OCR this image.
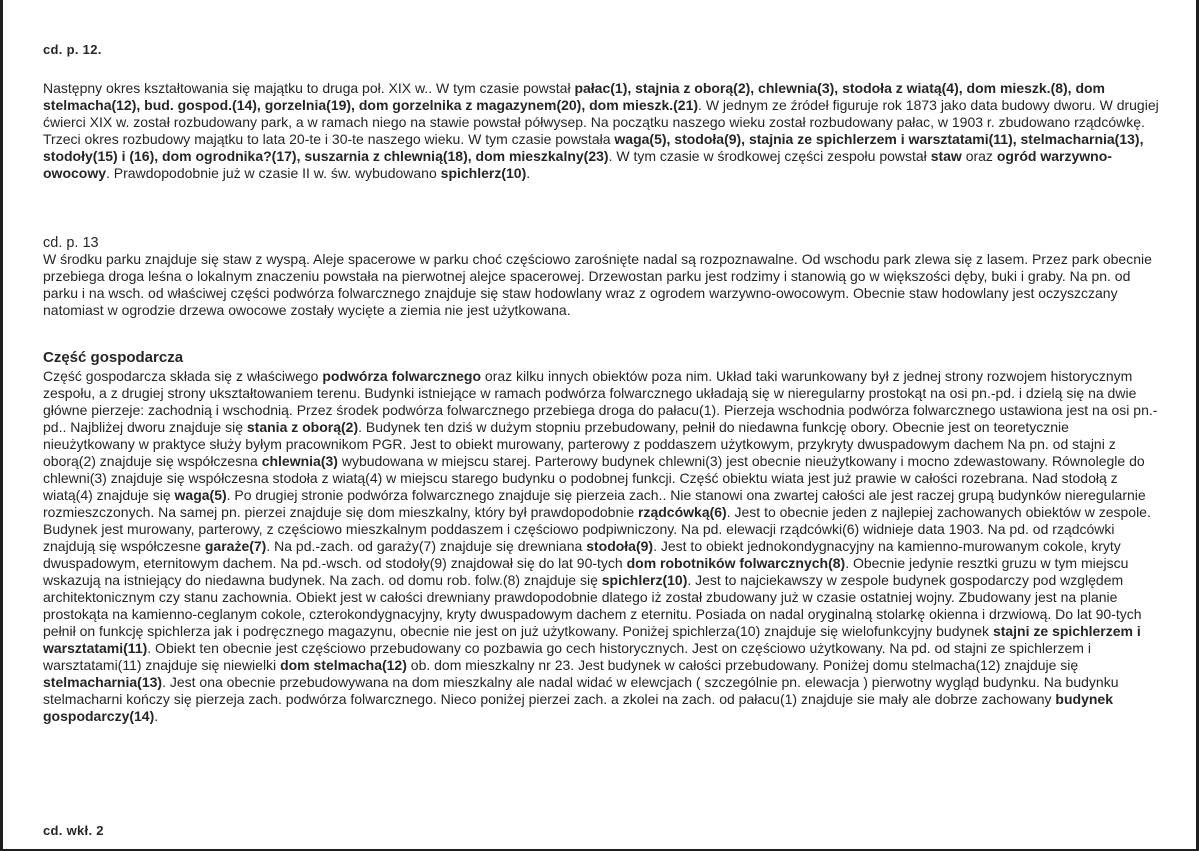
cd. p. 12.

Następny okres kształtowania się majątku to druga poł. XIX w.. W tym czasie powstał pałac(1), stajnia z oborą(2), chlewnia(3), stodoła z wiatą(4), dom mieszk.(8), dom stelmacha(12), bud. gospod.(14), gorzelnia(19), dom gorzelnika z magazynem(20), dom mieszk.(21). W jednym ze źródeł figuruje rok 1873 jako data budowy dworu. W drugiej ćwierci XIX w. został rozbudowany park, a w ramach niego na stawie powstał półwysep. Na początku naszego wieku został rozbudowany pałac, w 1903 r. zbudowano rządcówkę. Trzeci okres rozbudowy majątku to lata 20-te i 30-te naszego wieku. W tym czasie powstała waga(5), stodoła(9), stajnia ze spichlerzem i warsztatami(11), stelmacharnia(13), stodoły(15) i (16), dom ogrodnika?(17), suszarnia z chlewnią(18), dom mieszkalny(23). W tym czasie w środkowej części zespołu powstał staw oraz ogród warzywno-owocowy. Prawdopodobnie już w czasie II w. św. wybudowano spichlerz(10).

cd. p. 13

W środku parku znajduje się staw z wyspą. Aleje spacerowe w parku choć częściowo zarośnięte nadal są rozpoznawalne. Od wschodu park zlewa się z lasem. Przez park obecnie przebiega droga leśna o lokalnym znaczeniu powstała na pierwotnej alejce spacerowej. Drzewostan parku jest rodzimy i stanowią go w większości dęby, buki i graby. Na pn. od parku i na wsch. od właściwej części podwórza folwarcznego znajduje się staw hodowlany wraz z ogrodem warzywno-owocowym. Obecnie staw hodowlany jest oczyszczany natomiast w ogrodzie drzewa owocowe zostały wycięte a ziemia nie jest użytkowana.

Część gospodarcza

Część gospodarcza składa się z właściwego podwórza folwarcznego oraz kilku innych obiektów poza nim. Układ taki warunkowany był z jednej strony rozwojem historycznym zespołu, a z drugiej strony ukształtowaniem terenu. Budynki istniejące w ramach podwórza folwarcznego układają się w nieregularny prostokąt na osi pn.-pd. i dzielą się na dwie główne pierzeje: zachodnią i wschodnią. Przez środek podwórza folwarcznego przebiega droga do pałacu(1). Pierzeja wschodnia podwórza folwarcznego ustawiona jest na osi pn.-pd.. Najbliżej dworu znajduje się stania z oborą(2). Budynek ten dziś w dużym stopniu przebudowany, pełnił do niedawna funkcję obory. Obecnie jest on teoretycznie nieużytkowany w praktyce służy byłym pracownikom PGR. Jest to obiekt murowany, parterowy z poddaszem użytkowym, przykryty dwuspadowym dachem Na pn. od stajni z oborą(2) znajduje się współczesna chlewnia(3) wybudowana w miejscu starej. Parterowy budynek chlewni(3) jest obecnie nieużytkowany i mocno zdewastowany. Równolegle do chlewni(3) znajduje się współczesna stodoła z wiatą(4) w miejscu starego budynku o podobnej funkcji. Część obiektu wiata jest już prawie w całości rozebrana. Nad stodołą z wiatą(4) znajduje się waga(5). Po drugiej stronie podwórza folwarcznego znajduje się pierzeia zach.. Nie stanowi ona zwartej całości ale jest raczej grupą budynków nieregularnie rozmieszczonych. Na samej pn. pierzei znajduje się dom mieszkalny, który był prawdopodobnie rządcówką(6). Jest to obecnie jeden z najlepiej zachowanych obiektów w zespole. Budynek jest murowany, parterowy, z częściowo mieszkalnym poddaszem i częściowo podpiwniczony. Na pd. elewacji rządcówki(6) widnieje data 1903. Na pd. od rządcówki znajdują się współczesne garaże(7). Na pd.-zach. od garaży(7) znajduje się drewniana stodoła(9). Jest to obiekt jednokondygnacyjny na kamienno-murowanym cokole, kryty dwuspadowym, eternitowym dachem. Na pd.-wsch. od stodoły(9) znajdował się do lat 90-tych dom robotników folwarcznych(8). Obecnie jedynie resztki gruzu w tym miejscu wskazują na istniejący do niedawna budynek. Na zach. od domu rob. folw.(8) znajduje się spichlerz(10). Jest to najciekawszy w zespole budynek gospodarczy pod względem architektonicznym czy stanu zachownia. Obiekt jest w całości drewniany prawdopodobnie dlatego iż został zbudowany już w czasie ostatniej wojny. Zbudowany jest na planie prostokąta na kamienno-ceglanym cokole, czterokondygnacyjny, kryty dwuspadowym dachem z eternitu. Posiada on nadal oryginalną stolarkę okienna i drzwiową. Do lat 90-tych pełnił on funkcję spichlerza jak i podręcznego magazynu, obecnie nie jest on już użytkowany. Poniżej spichlerza(10) znajduje się wielofunkcyjny budynek stajni ze spichlerzem i warsztatami(11). Obiekt ten obecnie jest częściowo przebudowany co pozbawia go cech historycznych. Jest on częściowo użytkowany. Na pd. od stajni ze spichlerzem i warsztatami(11) znajduje się niewielki dom stelmacha(12) ob. dom mieszkalny nr 23. Jest budynek w całości przebudowany. Poniżej domu stelmacha(12) znajduje się stelmacharnia(13). Jest ona obecnie przebudowywana na dom mieszkalny ale nadal widać w elewcjach ( szczególnie pn. elewacja ) pierwotny wygląd budynku. Na budynku stelmacharni kończy się pierzeja zach. podwórza folwarcznego. Nieco poniżej pierzei zach. a zkolei na zach. od pałacu(1) znajduje sie mały ale dobrze zachowany budynek gospodarczy(14).

cd. wkł. 2
